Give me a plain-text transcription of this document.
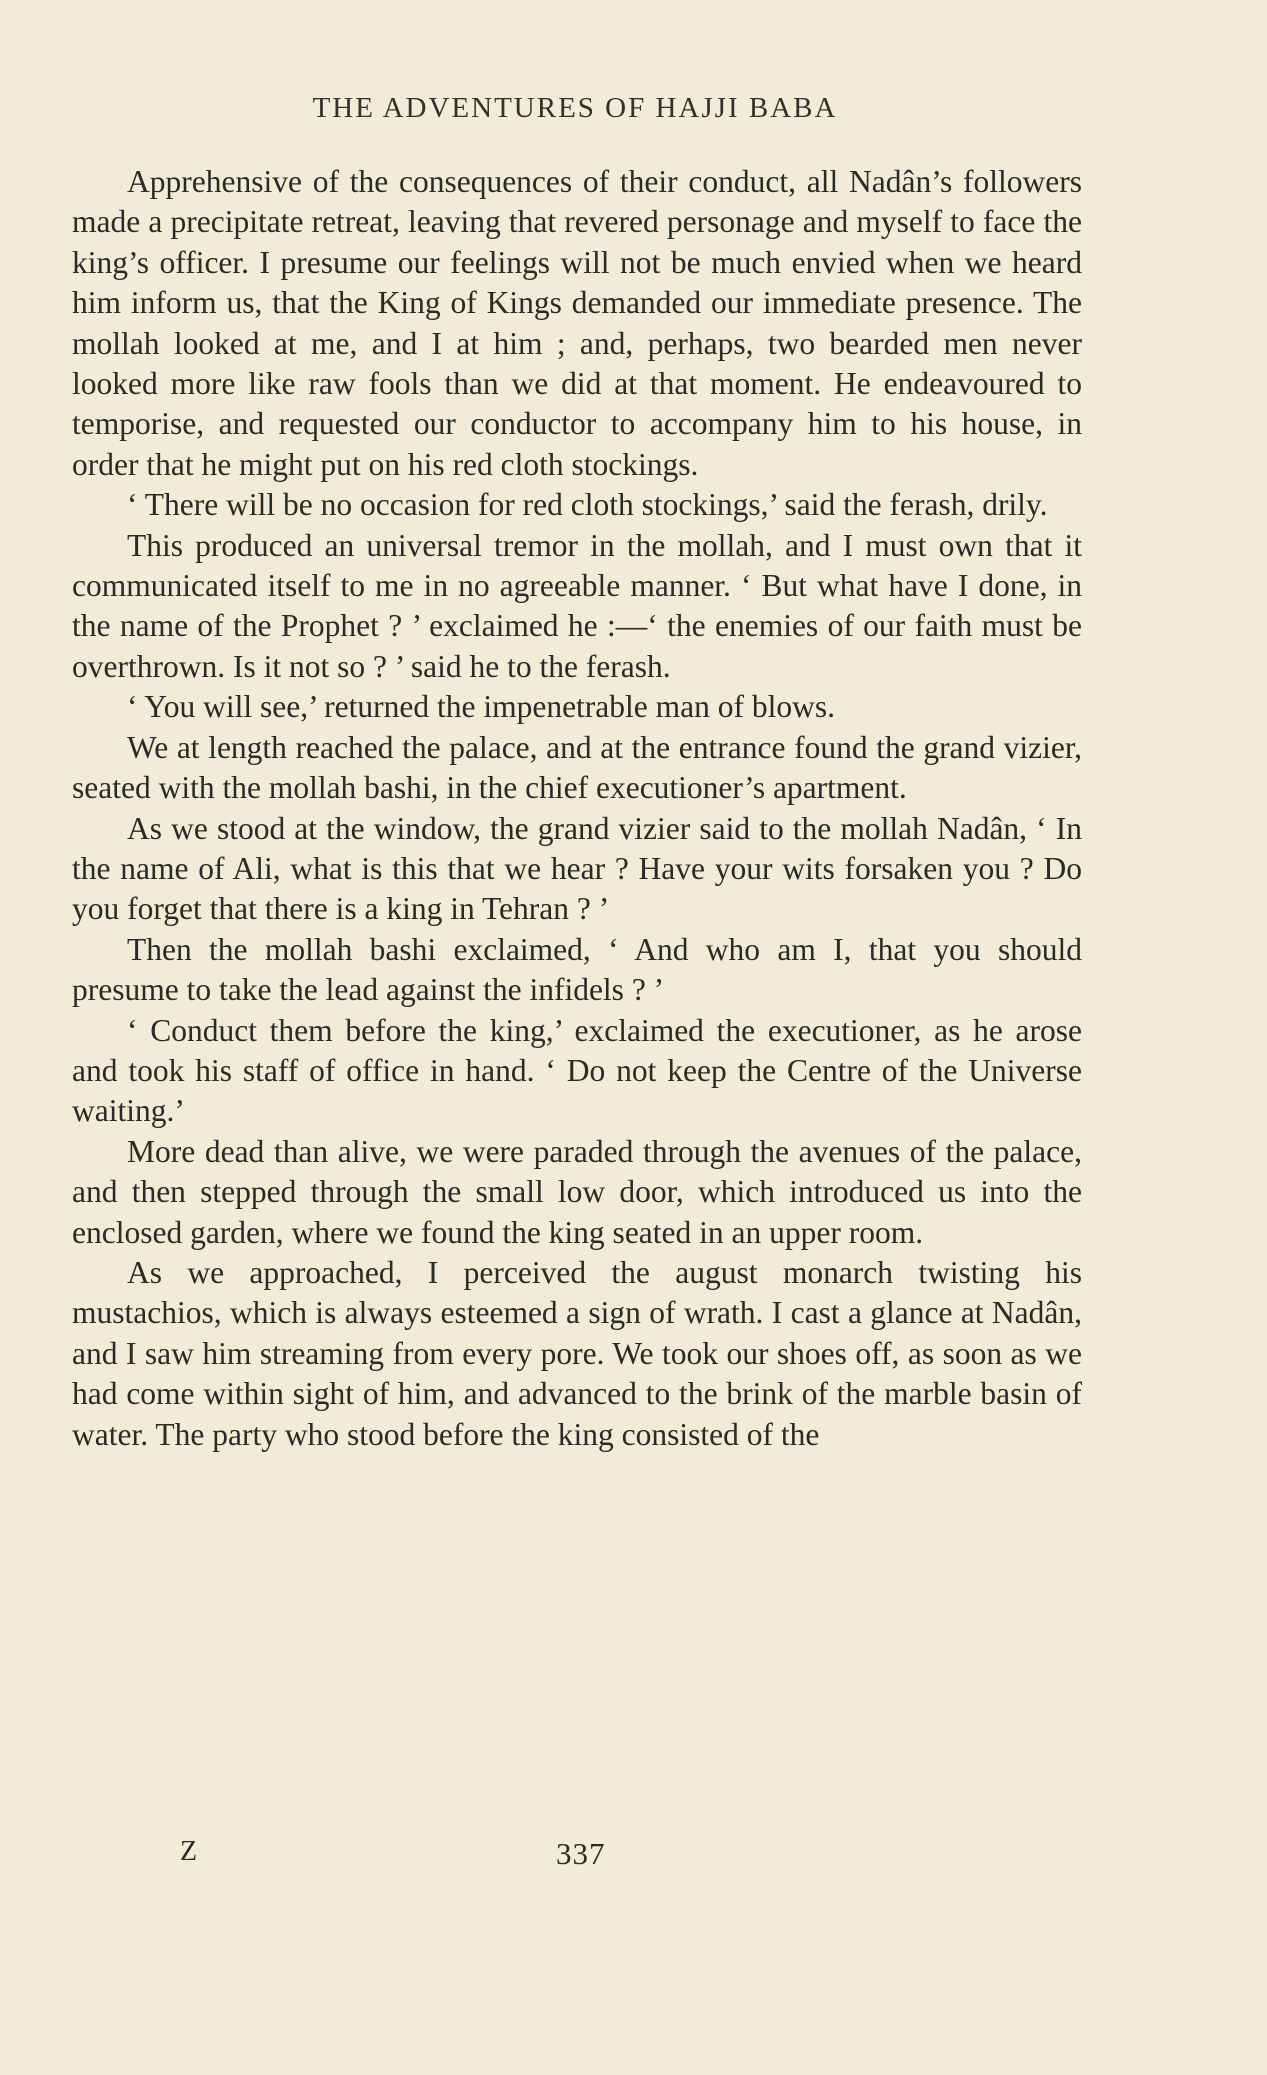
THE ADVENTURES OF HAJJI BABA

Apprehensive of the consequences of their conduct, all Nadân’s followers made a precipitate retreat, leaving that revered personage and myself to face the king’s officer. I presume our feelings will not be much envied when we heard him inform us, that the King of Kings demanded our immediate presence. The mollah looked at me, and I at him ; and, perhaps, two bearded men never looked more like raw fools than we did at that moment. He endeavoured to temporise, and requested our conductor to accompany him to his house, in order that he might put on his red cloth stockings.

‘ There will be no occasion for red cloth stockings,’ said the ferash, drily.

This produced an universal tremor in the mollah, and I must own that it communicated itself to me in no agreeable manner. ‘ But what have I done, in the name of the Prophet ? ’ exclaimed he :—‘ the enemies of our faith must be overthrown. Is it not so ? ’ said he to the ferash.

‘ You will see,’ returned the impenetrable man of blows.

We at length reached the palace, and at the entrance found the grand vizier, seated with the mollah bashi, in the chief executioner’s apartment.

As we stood at the window, the grand vizier said to the mollah Nadân, ‘ In the name of Ali, what is this that we hear ? Have your wits forsaken you ? Do you forget that there is a king in Tehran ? ’

Then the mollah bashi exclaimed, ‘ And who am I, that you should presume to take the lead against the infidels ? ’

‘ Conduct them before the king,’ exclaimed the executioner, as he arose and took his staff of office in hand. ‘ Do not keep the Centre of the Universe waiting.’

More dead than alive, we were paraded through the avenues of the palace, and then stepped through the small low door, which introduced us into the enclosed garden, where we found the king seated in an upper room.

As we approached, I perceived the august monarch twisting his mustachios, which is always esteemed a sign of wrath. I cast a glance at Nadân, and I saw him streaming from every pore. We took our shoes off, as soon as we had come within sight of him, and advanced to the brink of the marble basin of water. The party who stood before the king consisted of the

Z	337
